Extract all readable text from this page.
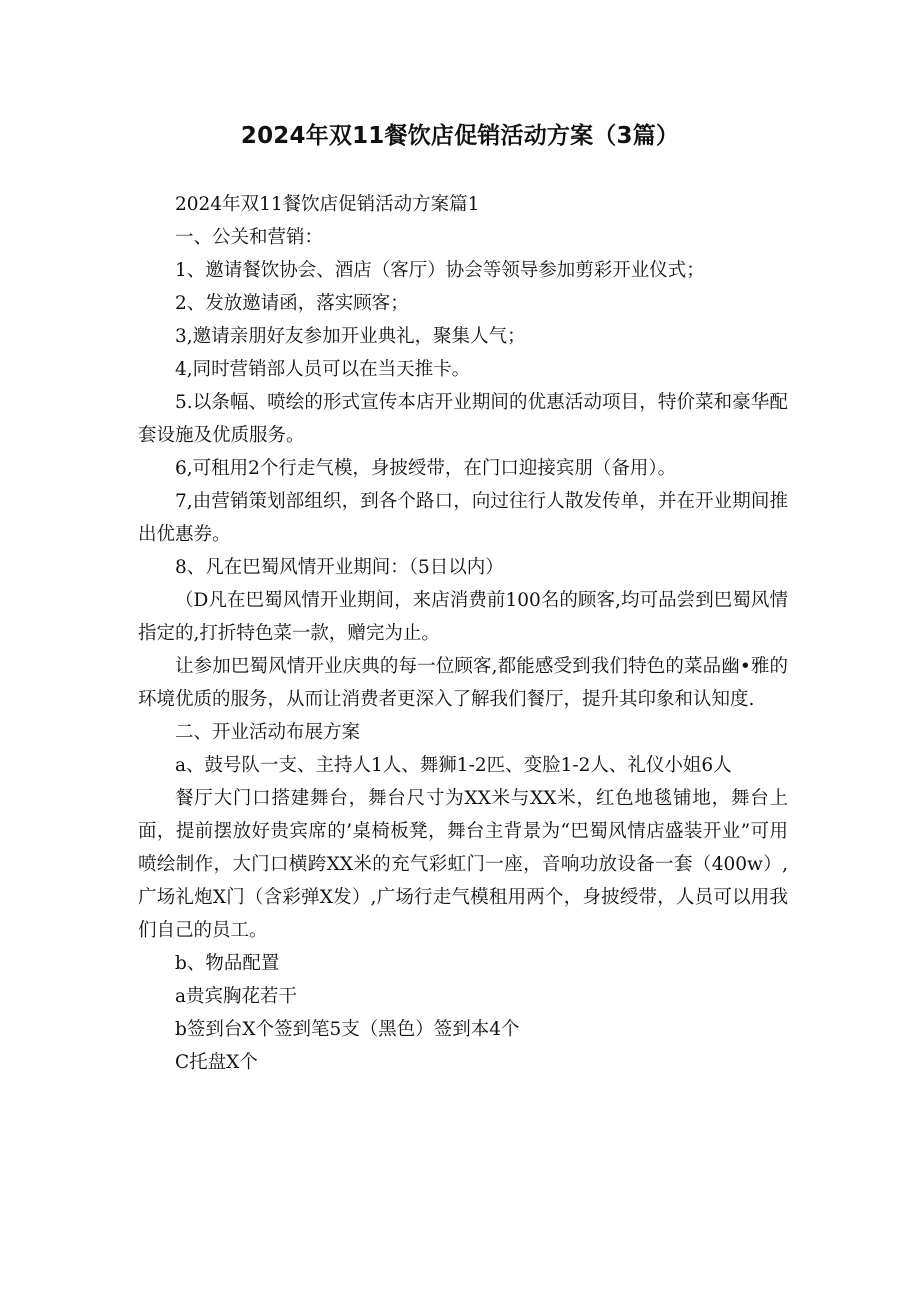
2024年双11餐饮店促销活动方案（3篇）

2024年双11餐饮店促销活动方案篇1

一、公关和营销：

1、邀请餐饮协会、酒店（客厅）协会等领导参加剪彩开业仪式；

2、发放邀请函，落实顾客；

3,邀请亲朋好友参加开业典礼，聚集人气；

4,同时营销部人员可以在当天推卡。

5.以条幅、喷绘的形式宣传本店开业期间的优惠活动项目，特价菜和豪华配套设施及优质服务。

6,可租用2个行走气模，身披绶带，在门口迎接宾朋（备用）。

7,由营销策划部组织，到各个路口，向过往行人散发传单，并在开业期间推出优惠券。

8、凡在巴蜀风情开业期间：（5日以内）

（D凡在巴蜀风情开业期间，来店消费前100名的顾客,均可品尝到巴蜀风情指定的,打折特色菜一款，赠完为止。

让参加巴蜀风情开业庆典的每一位顾客,都能感受到我们特色的菜品幽•雅的环境优质的服务，从而让消费者更深入了解我们餐厅，提升其印象和认知度.

二、开业活动布展方案

a、鼓号队一支、主持人1人、舞狮1-2匹、变脸1-2人、礼仪小姐6人

餐厅大门口搭建舞台，舞台尺寸为XX米与XX米，红色地毯铺地，舞台上面，提前摆放好贵宾席的’桌椅板凳，舞台主背景为“巴蜀风情店盛装开业”可用喷绘制作，大门口横跨XX米的充气彩虹门一座，音响功放设备一套（400w）,广场礼炮X门（含彩弹X发）,广场行走气模租用两个，身披绶带，人员可以用我们自己的员工。

b、物品配置

a贵宾胸花若干

b签到台X个签到笔5支（黑色）签到本4个

C托盘X个
